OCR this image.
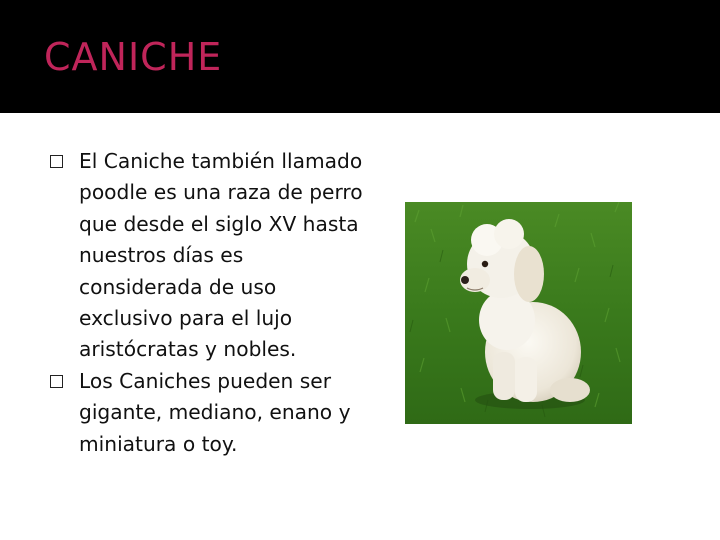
CANICHE
El Caniche también llamado poodle es una raza de perro que desde el siglo XV hasta nuestros días es considerada de uso exclusivo para el lujo aristócratas y nobles.
Los Caniches pueden ser gigante, mediano, enano y miniatura o toy.
